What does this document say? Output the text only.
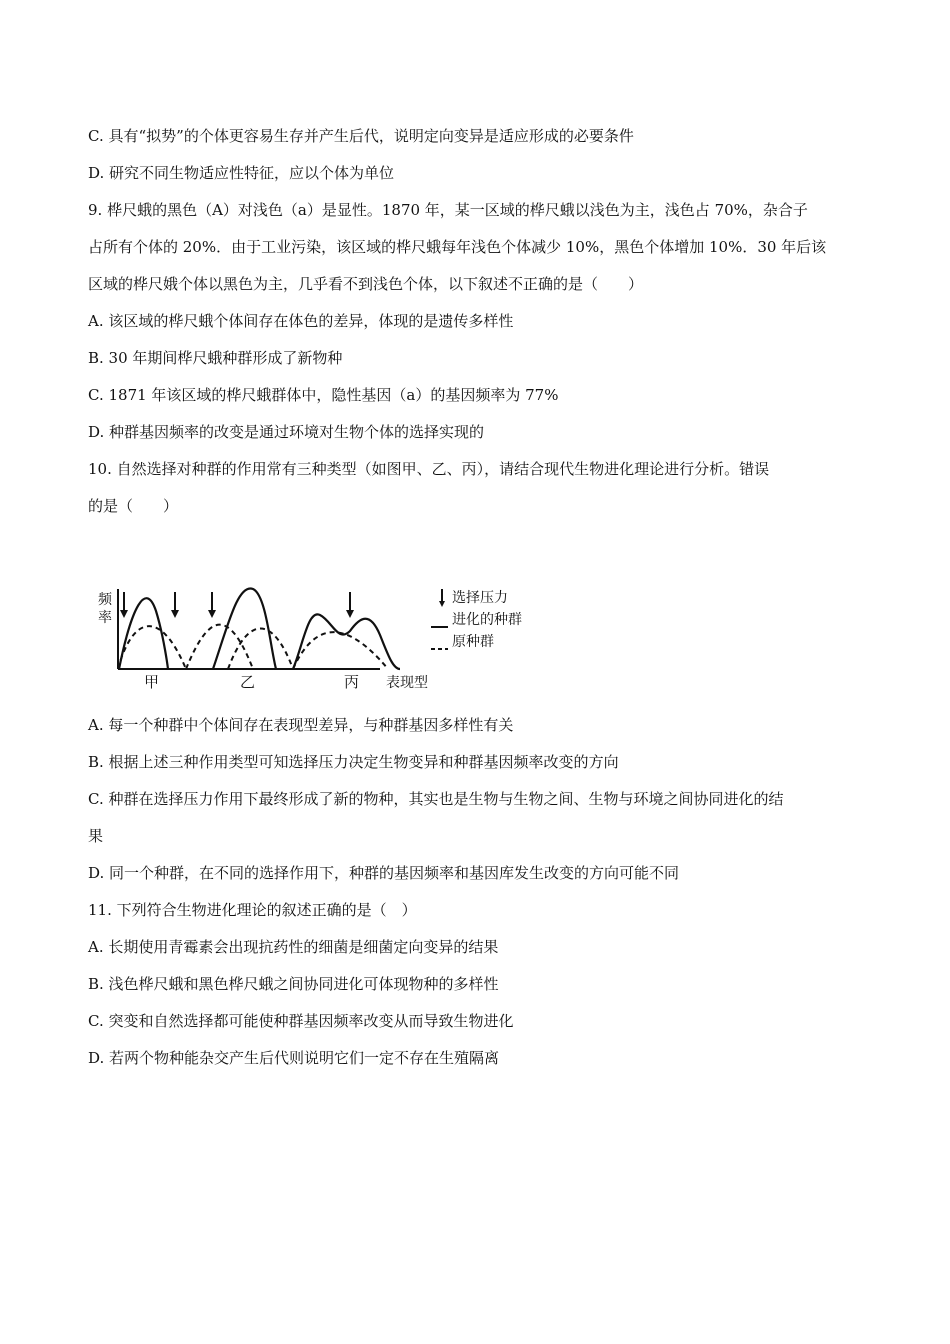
C. 具有“拟势”的个体更容易生存并产生后代，说明定向变异是适应形成的必要条件
D. 研究不同生物适应性特征，应以个体为单位
9. 桦尺蛾的黑色（A）对浅色（a）是显性。1870 年，某一区域的桦尺蛾以浅色为主，浅色占 70%，杂合子
占所有个体的 20%．由于工业污染，该区域的桦尺蛾每年浅色个体减少 10%，黑色个体增加 10%．30 年后该
区域的桦尺娥个体以黑色为主，几乎看不到浅色个体，以下叙述不正确的是（　　）
A. 该区域的桦尺蛾个体间存在体色的差异，体现的是遗传多样性
B. 30 年期间桦尺蛾种群形成了新物种
C. 1871 年该区域的桦尺蛾群体中，隐性基因（a）的基因频率为 77%
D. 种群基因频率的改变是通过环境对生物个体的选择实现的
10. 自然选择对种群的作用常有三种类型（如图甲、乙、丙），请结合现代生物进化理论进行分析。错误
的是（　　）
频
率
甲	乙	丙 表现型
选择压力
进化的种群
原种群
A. 每一个种群中个体间存在表现型差异，与种群基因多样性有关
B. 根据上述三种作用类型可知选择压力决定生物变异和种群基因频率改变的方向
C. 种群在选择压力作用下最终形成了新的物种，其实也是生物与生物之间、生物与环境之间协同进化的结
果
D. 同一个种群，在不同的选择作用下，种群的基因频率和基因库发生改变的方向可能不同
11. 下列符合生物进化理论的叙述正确的是（　）
A. 长期使用青霉素会出现抗药性的细菌是细菌定向变异的结果
B. 浅色桦尺蛾和黑色桦尺蛾之间协同进化可体现物种的多样性
C. 突变和自然选择都可能使种群基因频率改变从而导致生物进化
D. 若两个物种能杂交产生后代则说明它们一定不存在生殖隔离
